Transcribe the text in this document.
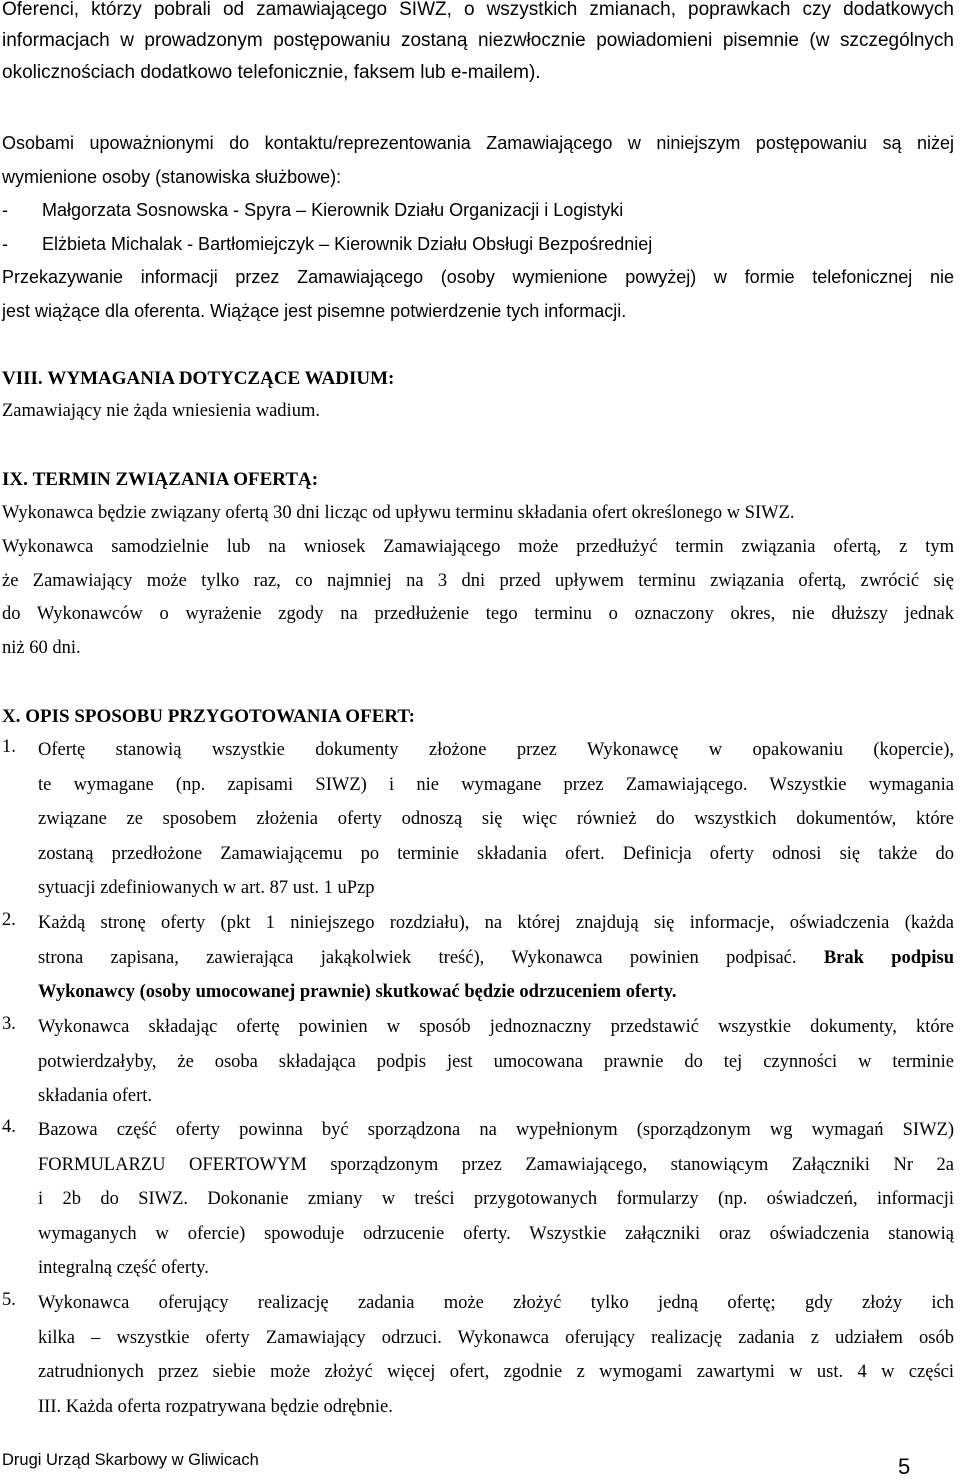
Oferenci, którzy pobrali od zamawiającego SIWZ, o wszystkich zmianach, poprawkach czy dodatkowych
informacjach w prowadzonym postępowaniu zostaną niezwłocznie powiadomieni pisemnie (w szczególnych
okolicznościach dodatkowo telefonicznie, faksem lub e-mailem).
Osobami upoważnionymi do kontaktu/reprezentowania Zamawiającego w niniejszym postępowaniu są niżej
wymienione osoby (stanowiska służbowe):
- Małgorzata Sosnowska - Spyra – Kierownik Działu Organizacji i Logistyki
- Elżbieta Michalak - Bartłomiejczyk – Kierownik Działu Obsługi Bezpośredniej
Przekazywanie informacji przez Zamawiającego (osoby wymienione powyżej) w formie telefonicznej nie
jest wiążące dla oferenta. Wiążące jest pisemne potwierdzenie tych informacji.
VIII. WYMAGANIA DOTYCZĄCE WADIUM:
Zamawiający nie żąda wniesienia wadium.
IX. TERMIN ZWIĄZANIA OFERTĄ:
Wykonawca będzie związany ofertą 30 dni licząc od upływu terminu składania ofert określonego w SIWZ.
Wykonawca samodzielnie lub na wniosek Zamawiającego może przedłużyć termin związania ofertą, z tym
że Zamawiający może tylko raz, co najmniej na 3 dni przed upływem terminu związania ofertą, zwrócić się
do Wykonawców o wyrażenie zgody na przedłużenie tego terminu o oznaczony okres, nie dłuższy jednak
niż 60 dni.
X. OPIS SPOSOBU PRZYGOTOWANIA OFERT:
1. Ofertę stanowią wszystkie dokumenty złożone przez Wykonawcę w opakowaniu (kopercie),
te wymagane (np. zapisami SIWZ) i nie wymagane przez Zamawiającego. Wszystkie wymagania
związane ze sposobem złożenia oferty odnoszą się więc również do wszystkich dokumentów, które
zostaną przedłożone Zamawiającemu po terminie składania ofert. Definicja oferty odnosi się także do
sytuacji zdefiniowanych w art. 87 ust. 1 uPzp
2. Każdą stronę oferty (pkt 1 niniejszego rozdziału), na której znajdują się informacje, oświadczenia (każda
strona zapisana, zawierająca jakąkolwiek treść), Wykonawca powinien podpisać. Brak podpisu
Wykonawcy (osoby umocowanej prawnie) skutkować będzie odrzuceniem oferty.
3. Wykonawca składając ofertę powinien w sposób jednoznaczny przedstawić wszystkie dokumenty, które
potwierdzałyby, że osoba składająca podpis jest umocowana prawnie do tej czynności w terminie
składania ofert.
4. Bazowa część oferty powinna być sporządzona na wypełnionym (sporządzonym wg wymagań SIWZ)
FORMULARZU OFERTOWYM sporządzonym przez Zamawiającego, stanowiącym Załączniki Nr 2a
i 2b do SIWZ. Dokonanie zmiany w treści przygotowanych formularzy (np. oświadczeń, informacji
wymaganych w ofercie) spowoduje odrzucenie oferty. Wszystkie załączniki oraz oświadczenia stanowią
integralną część oferty.
5. Wykonawca oferujący realizację zadania może złożyć tylko jedną ofertę; gdy złoży ich
kilka – wszystkie oferty Zamawiający odrzuci. Wykonawca oferujący realizację zadania z udziałem osób
zatrudnionych przez siebie może złożyć więcej ofert, zgodnie z wymogami zawartymi w ust. 4 w części
III. Każda oferta rozpatrywana będzie odrębnie.
Drugi Urząd Skarbowy w Gliwicach	5
